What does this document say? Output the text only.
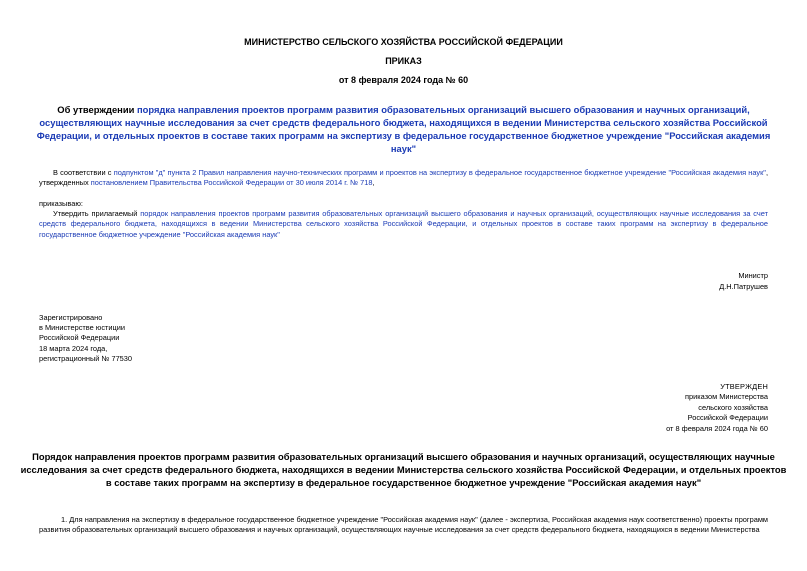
МИНИСТЕРСТВО СЕЛЬСКОГО ХОЗЯЙСТВА РОССИЙСКОЙ ФЕДЕРАЦИИ
ПРИКАЗ
от 8 февраля 2024 года № 60
Об утверждении порядка направления проектов программ развития образовательных организаций высшего образования и научных организаций,
осуществляющих научные исследования за счет средств федерального бюджета, находящихся в ведении Министерства сельского хозяйства Российской
Федерации, и отдельных проектов в составе таких программ на экспертизу в федеральное государственное бюджетное учреждение "Российская академия наук"
В соответствии с подпунктом "д" пункта 2 Правил направления научно-технических программ и проектов на экспертизу в федеральное государственное бюджетное учреждение "Российская академия наук", утвержденных постановлением Правительства Российской Федерации от 30 июля 2014 г. № 718,
приказываю:
Утвердить прилагаемый порядок направления проектов программ развития образовательных организаций высшего образования и научных организаций, осуществляющих научные исследования за счет средств федерального бюджета, находящихся в ведении Министерства сельского хозяйства Российской Федерации, и отдельных проектов в составе таких программ на экспертизу в федеральное государственное бюджетное учреждение "Российская академия наук"
Министр
Д.Н.Патрушев
Зарегистрировано
в Министерстве юстиции
Российской Федерации
18 марта 2024 года,
регистрационный № 77530
УТВЕРЖДЕН
приказом Министерства
сельского хозяйства
Российской Федерации
от 8 февраля 2024 года № 60
Порядок направления проектов программ развития образовательных организаций высшего образования и научных организаций, осуществляющих научные
исследования за счет средств федерального бюджета, находящихся в ведении Министерства сельского хозяйства Российской Федерации, и отдельных проектов
в составе таких программ на экспертизу в федеральное государственное бюджетное учреждение "Российская академия наук"
1. Для направления на экспертизу в федеральное государственное бюджетное учреждение "Российская академия наук" (далее - экспертиза, Российская академия наук соответственно) проекты программ развития образовательных организаций высшего образования и научных организаций, осуществляющих научные исследования за счет средств федерального бюджета, находящихся в ведении Министерства
